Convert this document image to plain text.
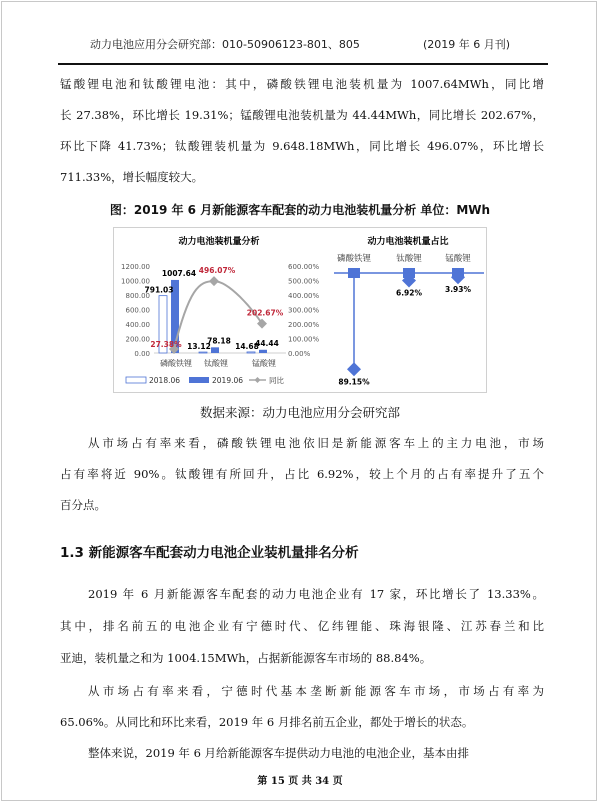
动力电池应用分会研究部：010-50906123-801、805	(2019 年 6 月刊)
锰酸锂电池和钛酸锂电池：其中，磷酸铁锂电池装机量为 1007.64MWh，同比增
长 27.38%，环比增长 19.31%；锰酸锂电池装机量为 44.44MWh，同比增长 202.67%，
环比下降 41.73%；钛酸锂装机量为 9.648.18MWh，同比增长 496.07%，环比增长
711.33%，增长幅度较大。
从市场占有率来看，磷酸铁锂电池依旧是新能源客车上的主力电池，市场
占有率将近 90%。钛酸锂有所回升，占比 6.92%，较上个月的占有率提升了五个
百分点。
2019 年 6 月新能源客车配套的动力电池企业有 17 家，环比增长了 13.33%。
其中，排名前五的电池企业有宁德时代、亿纬锂能、珠海银隆、江苏春兰和比
亚迪，装机量之和为 1004.15MWh，占据新能源客车市场的 88.84%。
从市场占有率来看，宁德时代基本垄断新能源客车市场，市场占有率为
65.06%。从同比和环比来看，2019 年 6 月排名前五企业，都处于增长的状态。
整体来说，2019 年 6 月给新能源客车提供动力电池的电池企业，基本由排
图：2019 年 6 月新能源客车配套的动力电池装机量分析 单位：MWh
动力电池装机量分析
0.00
200.00
400.00
600.00
800.00
1000.00
1200.00
0.00%
100.00%
200.00%
300.00%
400.00%
500.00%
600.00%
磷酸铁锂
791.03
1007.64
钛酸锂
13.12
78.18
锰酸锂
14.68
44.44
27.38%
496.07%
202.67%
2018.06	2019.06	同比
动力电池装机量占比
磷酸铁锂
89.15%
钛酸锂
6.92%
锰酸锂
3.93%
数据来源：动力电池应用分会研究部
1.3 新能源客车配套动力电池企业装机量排名分析
第 15 页 共 34 页
